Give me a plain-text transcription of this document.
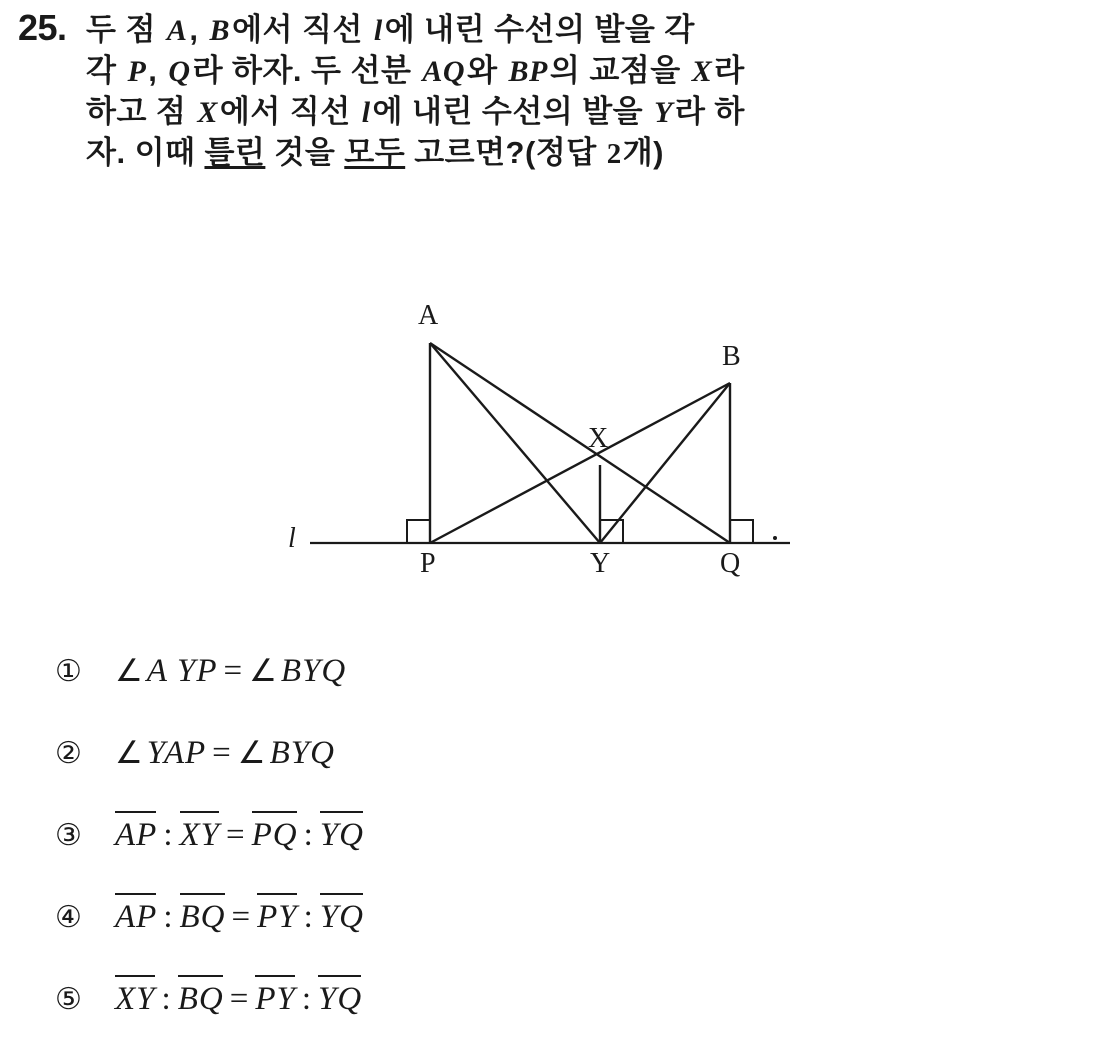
25. 두 점 A, B에서 직선 l에 내린 수선의 발을 각
각 P, Q라 하자. 두 선분 AQ와 BP의 교점을 X라
하고 점 X에서 직선 l에 내린 수선의 발을 Y라 하
자. 이때 틀린 것을 모두 고르면?(정답 2개)
A
B
X
P	Y	Q
l
①	∠A YP = ∠BYQ
②	∠YAP = ∠BYQ
③	AP : XY = PQ : YQ
④	AP : BQ = PY : YQ
⑤	XY : BQ = PY : YQ
